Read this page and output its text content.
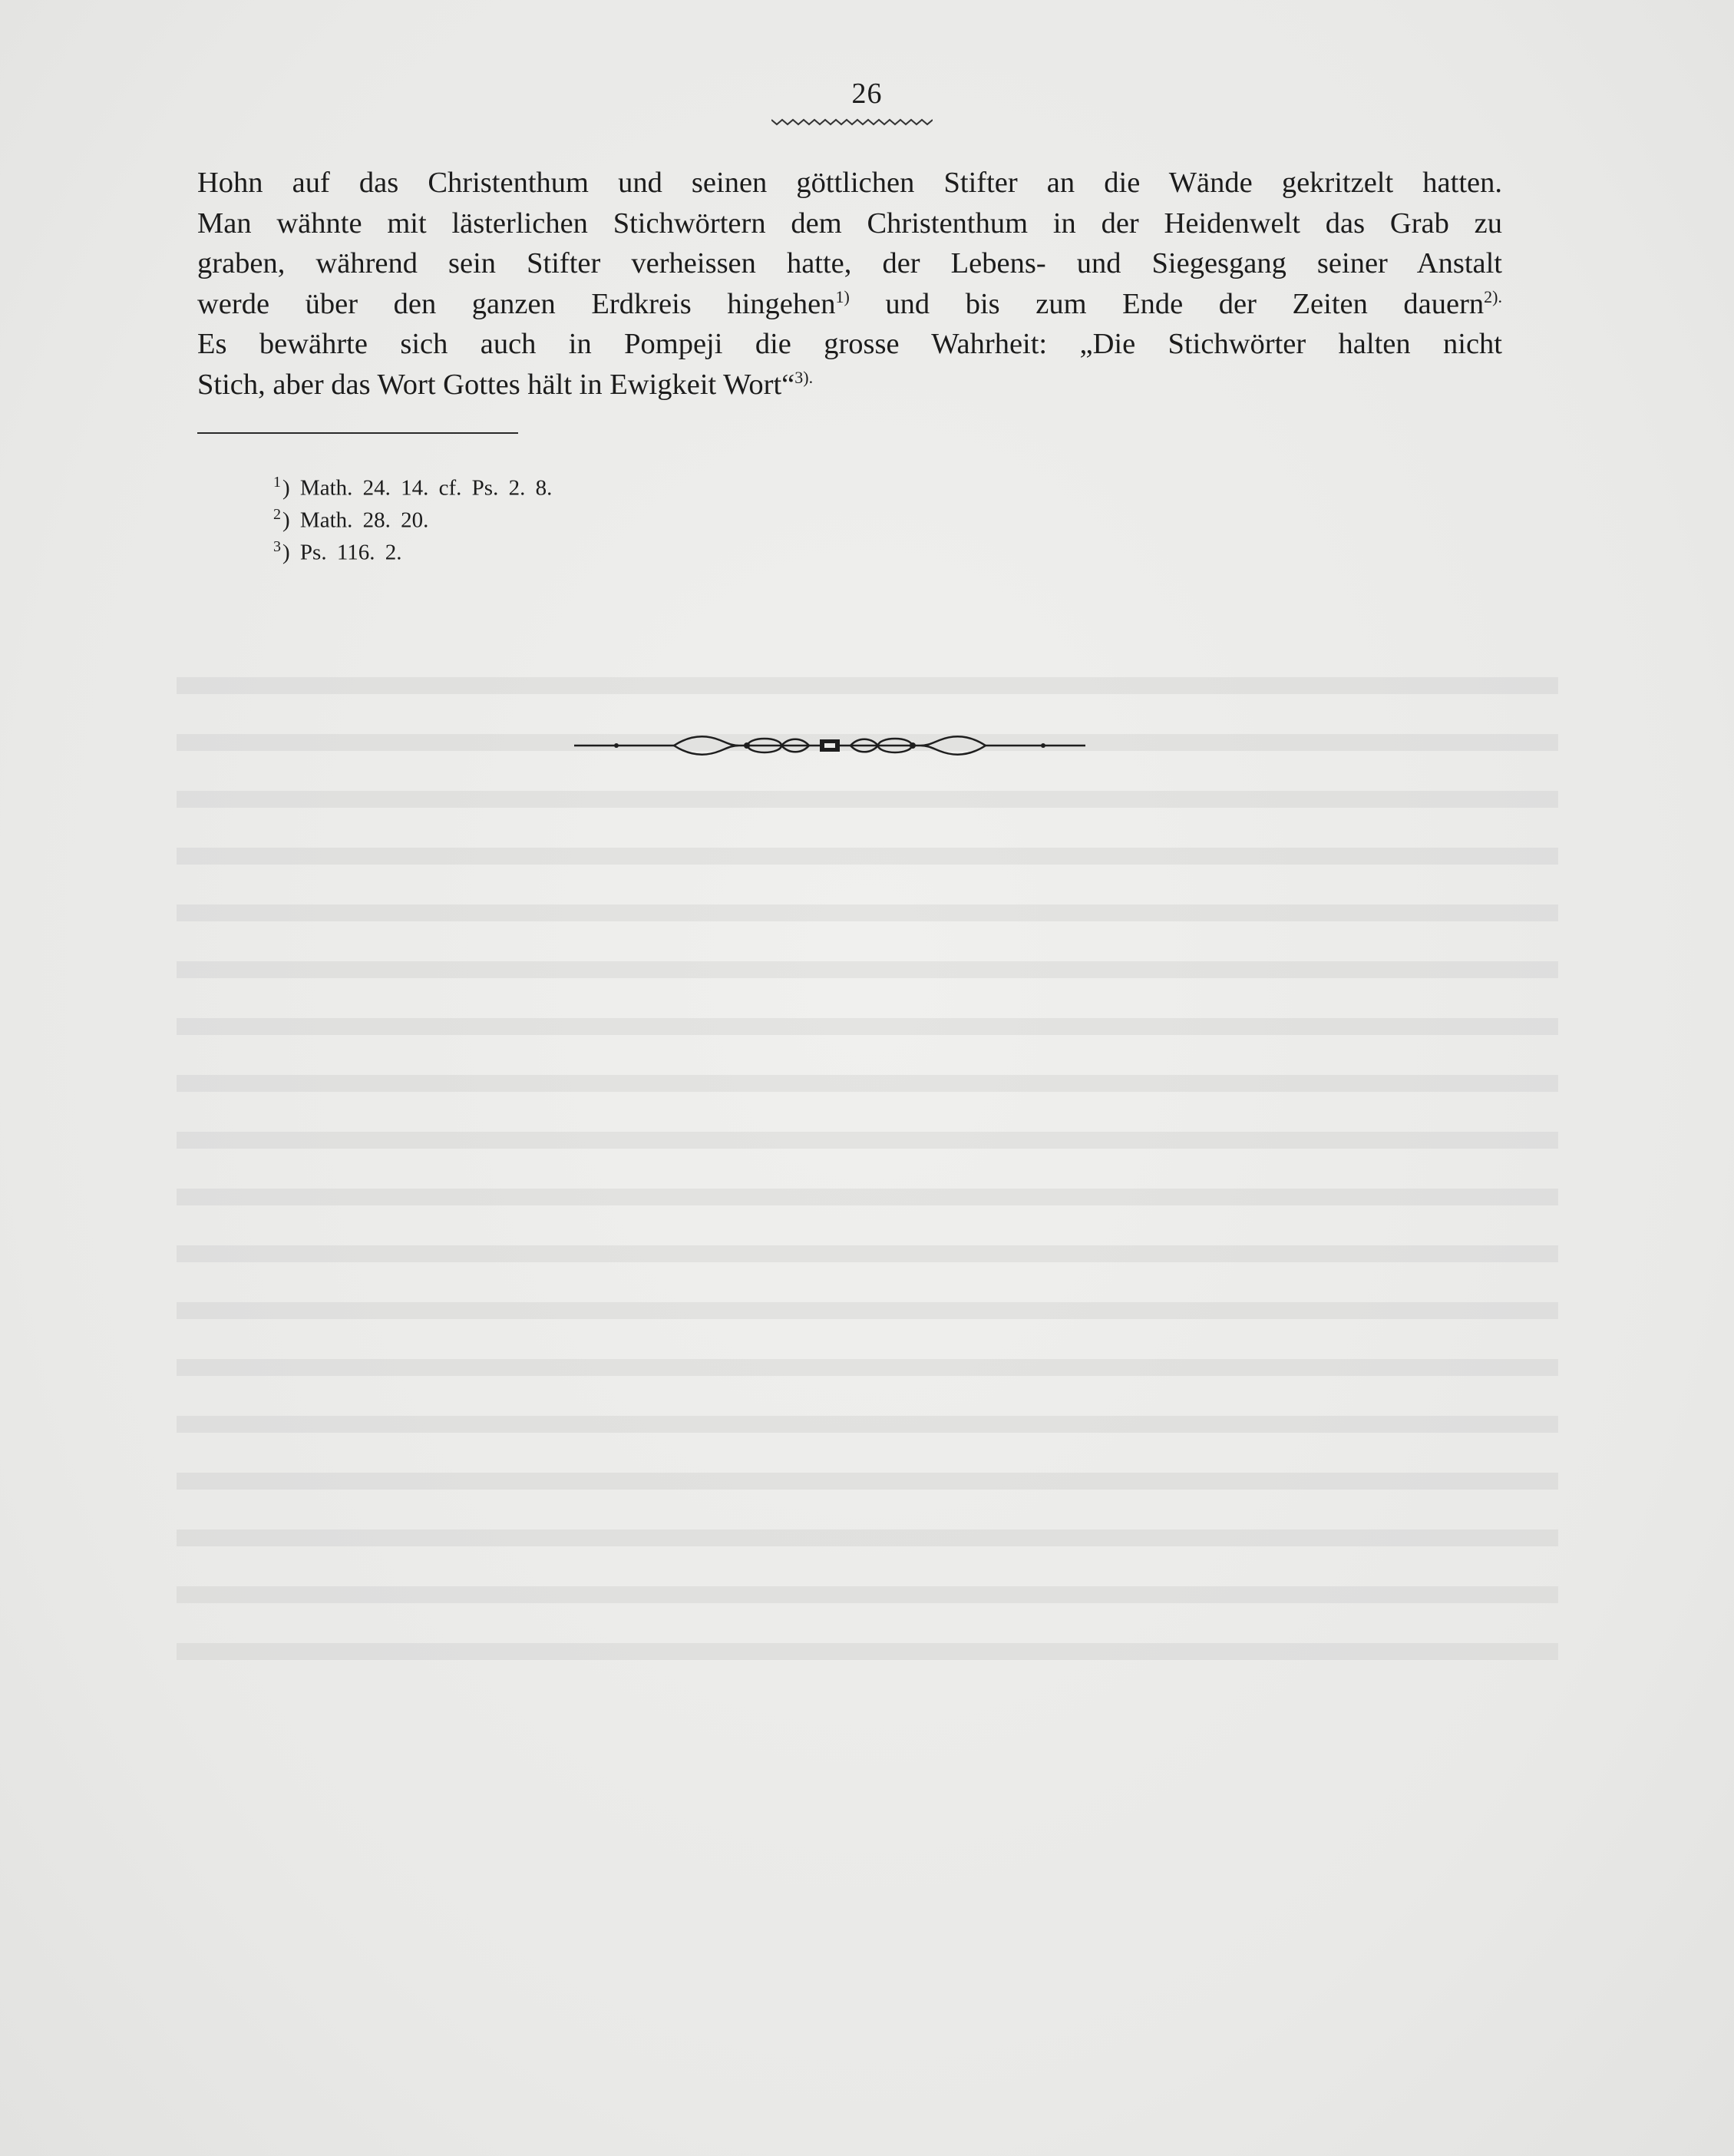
26
Hohn auf das Christenthum und seinen göttlichen Stifter an die Wände gekritzelt hatten.
Man wähnte mit lästerlichen Stichwörtern dem Christenthum in der Heidenwelt das Grab zu
graben, während sein Stifter verheissen hatte, der Lebens- und Siegesgang seiner Anstalt
werde über den ganzen Erdkreis hingehen$^{1)}$ und bis zum Ende der Zeiten dauern$^{2).}$
Es bewährte sich auch in Pompeji die grosse Wahrheit: „Die Stichwörter halten nicht
Stich, aber das Wort Gottes hält in Ewigkeit Wort“$^{3).}$
$^1$) Math. 24. 14. cf. Ps. 2. 8.
$^2$) Math. 28. 20.
$^3$) Ps. 116. 2.
